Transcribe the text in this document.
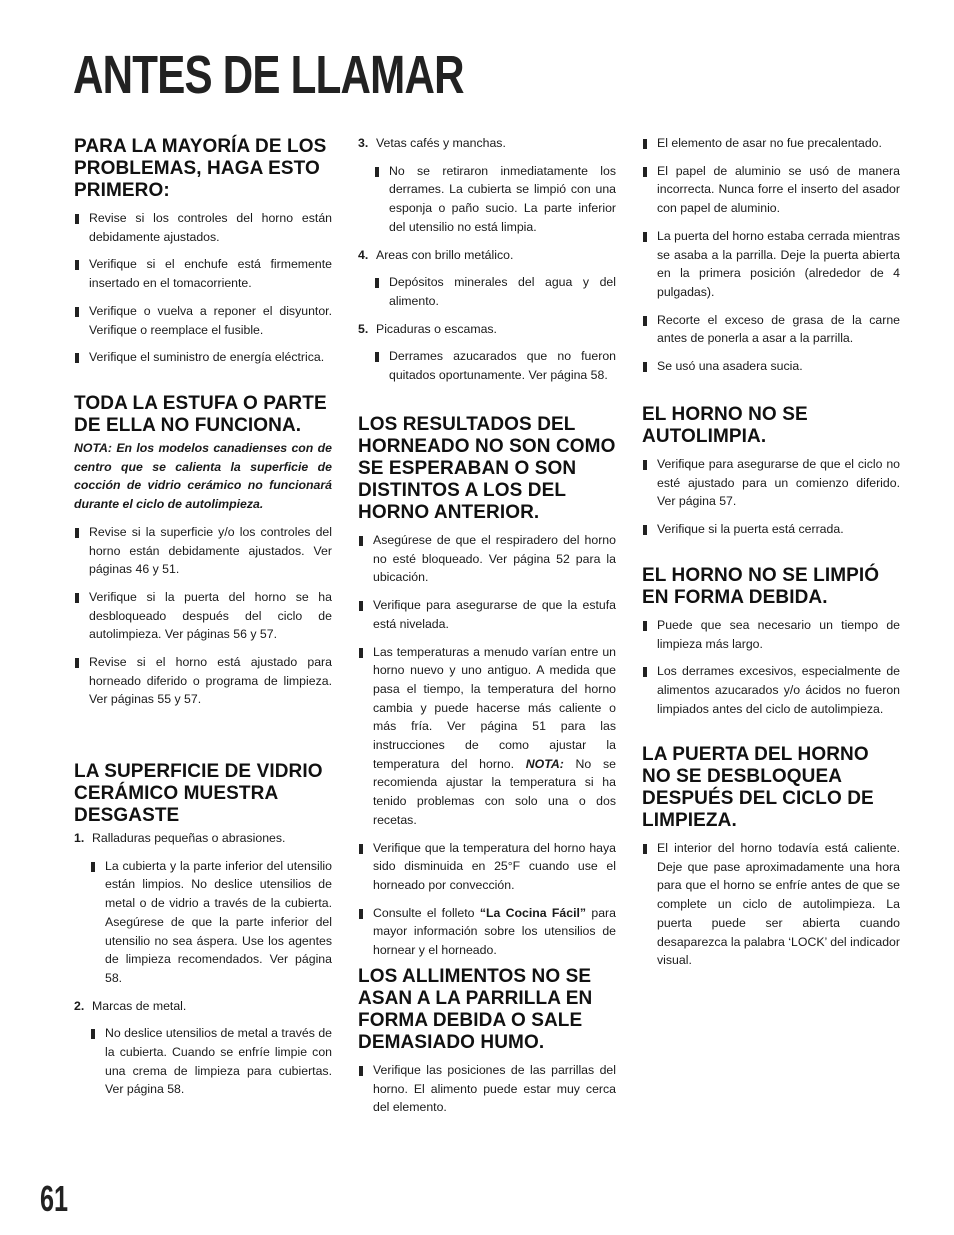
ANTES DE LLAMAR
PARA LA MAYORÍA DE LOS PROBLEMAS, HAGA ESTO PRIMERO:
Revise si los controles del horno están debidamente ajustados.
Verifique si el enchufe está firmemente insertado en el tomacorriente.
Verifique o vuelva a reponer el disyuntor. Verifique o reemplace el fusible.
Verifique el suministro de energía eléctrica.
TODA LA ESTUFA O PARTE DE ELLA NO FUNCIONA.
NOTA: En los modelos canadienses con de centro que se calienta la superficie de cocción de vidrio cerámico no funcionará durante el ciclo de autolimpieza.
Revise si la superficie y/o los controles del horno están debidamente ajustados. Ver páginas 46 y 51.
Verifique si la puerta del horno se ha desbloqueado después del ciclo de autolimpieza. Ver páginas 56 y 57.
Revise si el horno está ajustado para horneado diferido o programa de limpieza. Ver páginas 55 y 57.
LA SUPERFICIE DE VIDRIO CERÁMICO MUESTRA DESGASTE
1. Ralladuras pequeñas o abrasiones.
La cubierta y la parte inferior del utensilio están limpios. No deslice utensilios de metal o de vidrio a través de la cubierta. Asegúrese de que la parte inferior del utensilio no sea áspera. Use los agentes de limpieza recomendados. Ver página 58.
2. Marcas de metal.
No deslice utensilios de metal a través de la cubierta. Cuando se enfríe limpie con una crema de limpieza para cubiertas. Ver página 58.
3. Vetas cafés y manchas.
No se retiraron inmediatamente los derrames. La cubierta se limpió con una esponja o paño sucio. La parte inferior del utensilio no está limpia.
4. Areas con brillo metálico.
Depósitos minerales del agua y del alimento.
5. Picaduras o escamas.
Derrames azucarados que no fueron quitados oportunamente. Ver página 58.
LOS RESULTADOS DEL HORNEADO NO SON COMO SE ESPERABAN O SON DISTINTOS A LOS DEL HORNO ANTERIOR.
Asegúrese de que el respiradero del horno no esté bloqueado. Ver página 52 para la ubicación.
Verifique para asegurarse de que la estufa está nivelada.
Las temperaturas a menudo varían entre un horno nuevo y uno antiguo. A medida que pasa el tiempo, la temperatura del horno cambia y puede hacerse más caliente o más fría. Ver página 51 para las instrucciones de como ajustar la temperatura del horno. NOTA: No se recomienda ajustar la temperatura si ha tenido problemas con solo una o dos recetas.
Verifique que la temperatura del horno haya sido disminuida en 25°F cuando use el horneado por convección.
Consulte el folleto “La Cocina Fácil” para mayor información sobre los utensilios de hornear y el horneado.
LOS ALLIMENTOS NO SE ASAN A LA PARRILLA EN FORMA DEBIDA O SALE DEMASIADO HUMO.
Verifique las posiciones de las parrillas del horno. El alimento puede estar muy cerca del elemento.
El elemento de asar no fue precalentado.
El papel de aluminio se usó de manera incorrecta. Nunca forre el inserto del asador con papel de aluminio.
La puerta del horno estaba cerrada mientras se asaba a la parrilla. Deje la puerta abierta en la primera posición (alrededor de 4 pulgadas).
Recorte el exceso de grasa de la carne antes de ponerla a asar a la parrilla.
Se usó una asadera sucia.
EL HORNO NO SE AUTOLIMPIA.
Verifique para asegurarse de que el ciclo no esté ajustado para un comienzo diferido. Ver página 57.
Verifique si la puerta está cerrada.
EL HORNO NO SE LIMPIÓ EN FORMA DEBIDA.
Puede que sea necesario un tiempo de limpieza más largo.
Los derrames excesivos, especialmente de alimentos azucarados y/o ácidos no fueron limpiados antes del ciclo de autolimpieza.
LA PUERTA DEL HORNO NO SE DESBLOQUEA DESPUÉS DEL CICLO DE LIMPIEZA.
El interior del horno todavía está caliente. Deje que pase aproximadamente una hora para que el horno se enfríe antes de que se complete un ciclo de autolimpieza. La puerta puede ser abierta cuando desaparezca la palabra ‘LOCK’ del indicador visual.
61
